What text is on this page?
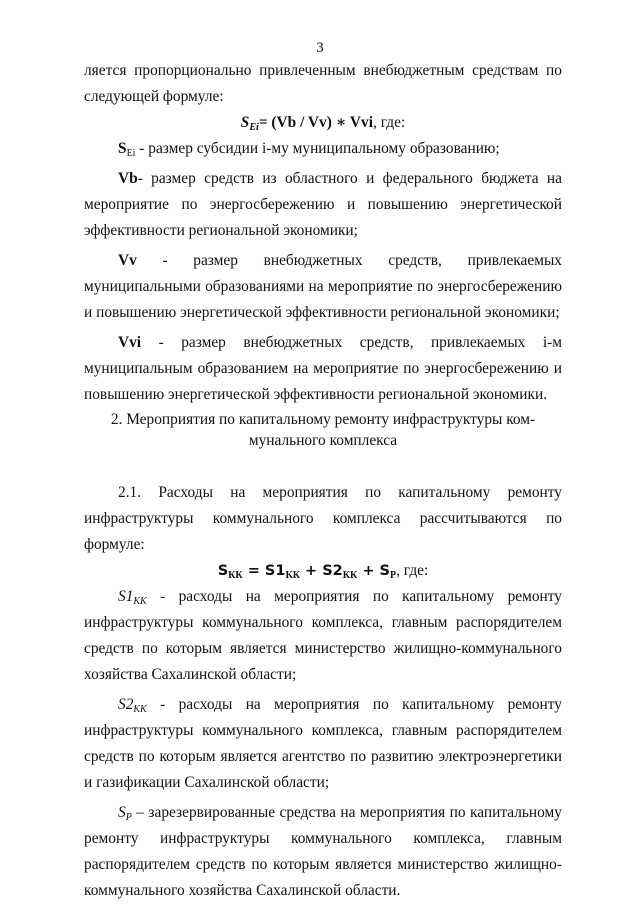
3

ляется пропорционально привлеченным внебюджетным средствам по следующей формуле:

$S_{Ei}= (Vb / Vv)$ ∗ Vvi, где:

$S_{Ei}$ - размер субсидии i-му муниципальному образованию;

Vb- размер средств из областного и федерального бюджета на мероприятие по энергосбережению и повышению энергетической эффективности региональной экономики;

Vv - размер внебюджетных средств, привлекаемых муниципальными образованиями на мероприятие по энергосбережению и повышению энергетической эффективности региональной экономики;

Vvi - размер внебюджетных средств, привлекаемых i-м муниципальным образованием на мероприятие по энергосбережению и повышению энергетической эффективности региональной экономики.

2. Мероприятия по капитальному ремонту инфраструктуры ком-
мунального комплекса

2.1. Расходы на мероприятия по капитальному ремонту инфраструктуры коммунального комплекса рассчитываются по формуле:

$S_{КК} = S1_{КК} + S2_{КК} + S_Р$, где:

$S1_{КК}$ - расходы на мероприятия по капитальному ремонту инфраструктуры коммунального комплекса, главным распорядителем средств по которым является министерство жилищно-коммунального хозяйства Сахалинской области;

$S2_{КК}$ - расходы на мероприятия по капитальному ремонту инфраструктуры коммунального комплекса, главным распорядителем средств по которым является агентство по развитию электроэнергетики и газификации Сахалинской области;

$S_Р$ – зарезервированные средства на мероприятия по капитальному ремонту инфраструктуры коммунального комплекса, главным распорядителем средств по которым является министерство жилищно-коммунального хозяйства Сахалинской области.
